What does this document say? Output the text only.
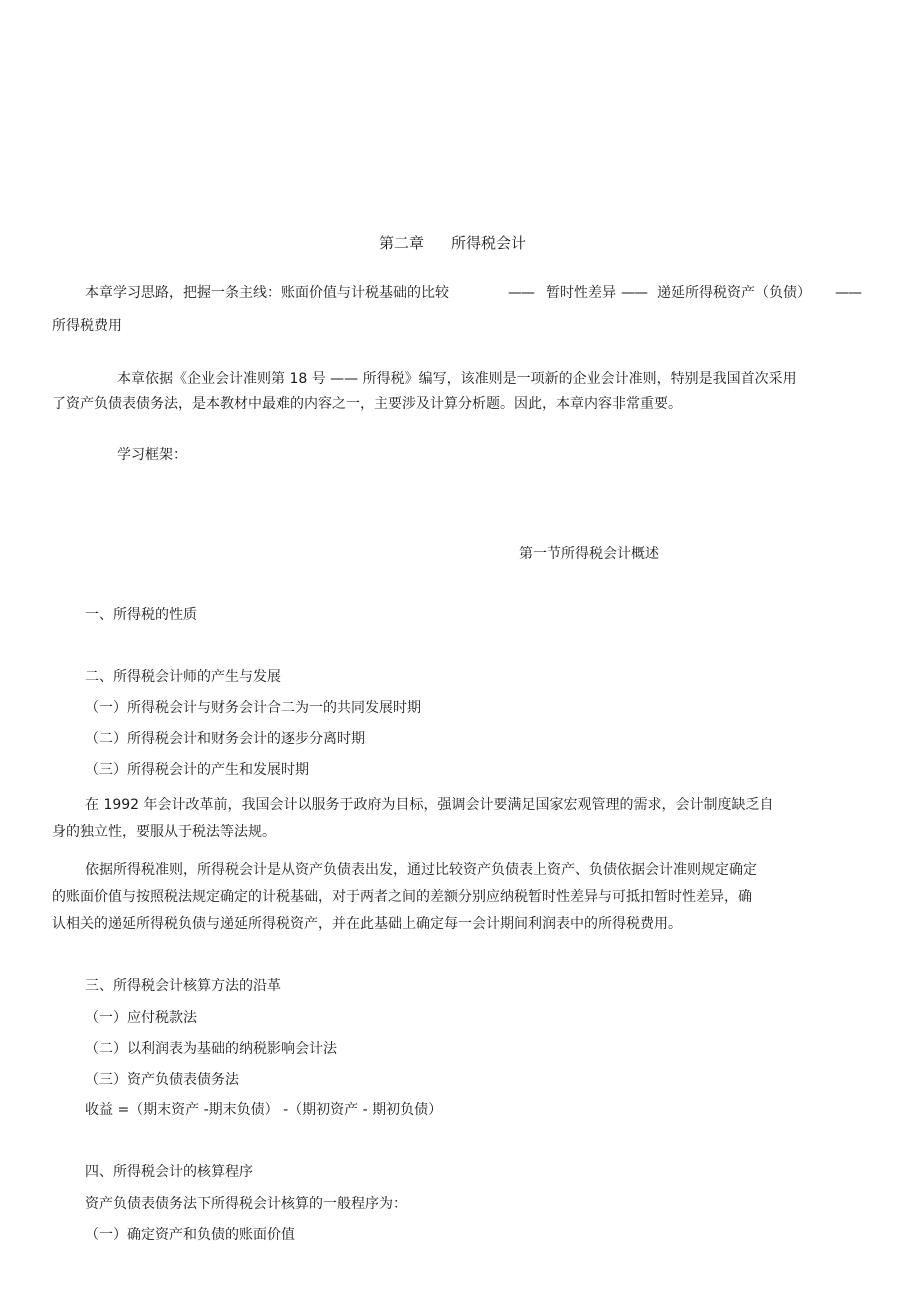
第二章 所得税会计
本章学习思路，把握一条主线：账面价值与计税基础的比较	—— 暂时性差异 —— 递延所得税资产（负债） ——
所得税费用
本章依据《企业会计准则第 18 号 —— 所得税》编写，该准则是一项新的企业会计准则，特别是我国首次采用
了资产负债表债务法，是本教材中最难的内容之一，主要涉及计算分析题。因此，本章内容非常重要。
学习框架：
第一节所得税会计概述
一、所得税的性质
二、所得税会计师的产生与发展
（一）所得税会计与财务会计合二为一的共同发展时期
（二）所得税会计和财务会计的逐步分离时期
（三）所得税会计的产生和发展时期
在 1992 年会计改革前，我国会计以服务于政府为目标，强调会计要满足国家宏观管理的需求，会计制度缺乏自
身的独立性，要服从于税法等法规。
依据所得税准则，所得税会计是从资产负债表出发，通过比较资产负债表上资产、负债依据会计准则规定确定
的账面价值与按照税法规定确定的计税基础，对于两者之间的差额分别应纳税暂时性差异与可抵扣暂时性差异，确
认相关的递延所得税负债与递延所得税资产，并在此基础上确定每一会计期间利润表中的所得税费用。
三、所得税会计核算方法的沿革
（一）应付税款法
（二）以利润表为基础的纳税影响会计法
（三）资产负债表债务法
收益 =（期末资产 -期末负债） -（期初资产 - 期初负债）
四、所得税会计的核算程序
资产负债表债务法下所得税会计核算的一般程序为：
（一）确定资产和负债的账面价值
